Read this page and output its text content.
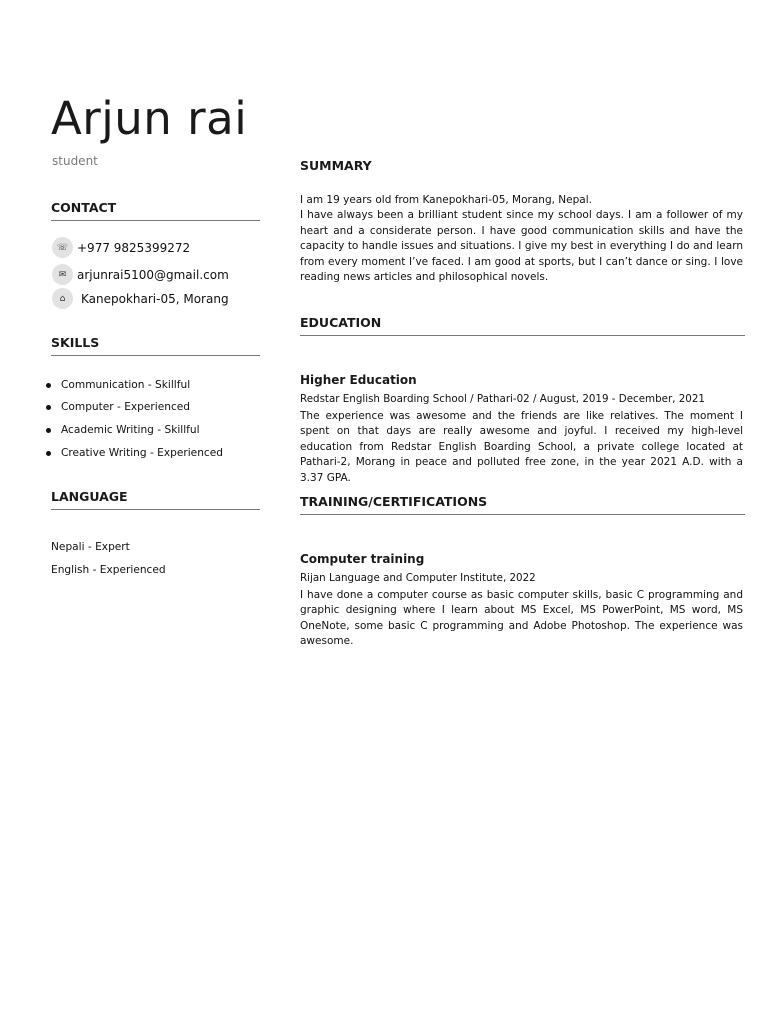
Arjun rai
student
CONTACT
☏ +977 9825399272
✉ arjunrai5100@gmail.com
⌂	Kanepokhari-05, Morang
SKILLS
Communication - Skillful
Computer - Experienced
Academic Writing - Skillful
Creative Writing - Experienced
LANGUAGE
Nepali - Expert
English - Experienced
SUMMARY

I am 19 years old from Kanepokhari-05, Morang, Nepal.

I have always been a brilliant student since my school days. I am a follower of my heart and a considerate person. I have good communication skills and have the capacity to handle issues and situations. I give my best in everything I do and learn from every moment I’ve faced. I am good at sports, but I can’t dance or sing. I love reading news articles and philosophical novels.

EDUCATION
Higher Education
Redstar English Boarding School / Pathari-02 / August, 2019 - December, 2021
The experience was awesome and the friends are like relatives. The moment I spent on that days are really awesome and joyful. I received my high-level education from Redstar English Boarding School, a private college located at Pathari-2, Morang in peace and polluted free zone, in the year 2021 A.D. with a 3.37 GPA.
TRAINING/CERTIFICATIONS
Computer training
Rijan Language and Computer Institute, 2022
I have done a computer course as basic computer skills, basic C programming and graphic designing where I learn about MS Excel, MS PowerPoint, MS word, MS OneNote, some basic C programming and Adobe Photoshop. The experience was awesome.
